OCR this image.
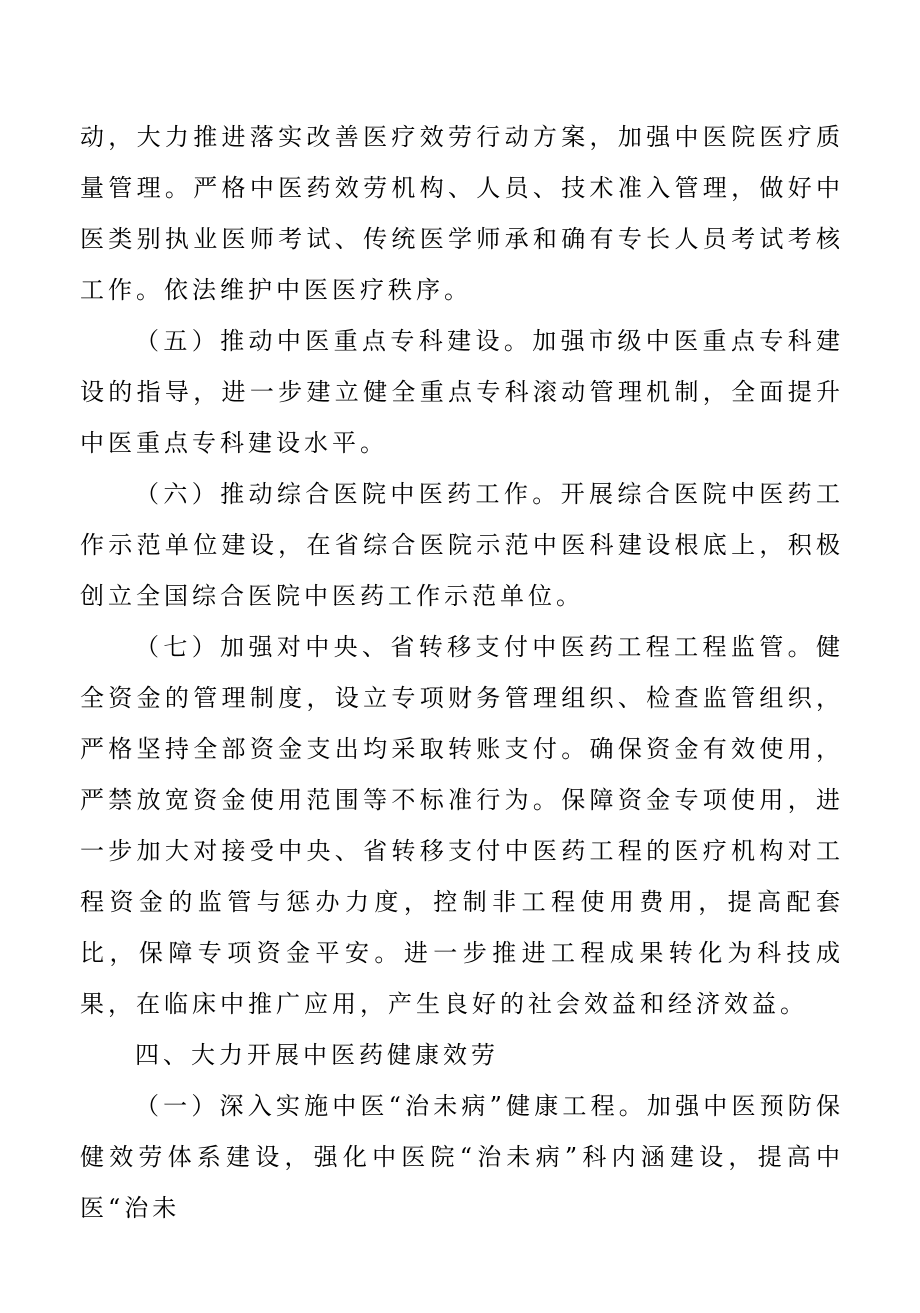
动，大力推进落实改善医疗效劳行动方案，加强中医院医疗质量管理。严格中医药效劳机构、人员、技术准入管理，做好中医类别执业医师考试、传统医学师承和确有专长人员考试考核工作。依法维护中医医疗秩序。

（五）推动中医重点专科建设。加强市级中医重点专科建设的指导，进一步建立健全重点专科滚动管理机制，全面提升中医重点专科建设水平。

（六）推动综合医院中医药工作。开展综合医院中医药工作示范单位建设，在省综合医院示范中医科建设根底上，积极创立全国综合医院中医药工作示范单位。

（七）加强对中央、省转移支付中医药工程工程监管。健全资金的管理制度，设立专项财务管理组织、检查监管组织，严格坚持全部资金支出均采取转账支付。确保资金有效使用，严禁放宽资金使用范围等不标准行为。保障资金专项使用，进一步加大对接受中央、省转移支付中医药工程的医疗机构对工程资金的监管与惩办力度，控制非工程使用费用，提高配套比，保障专项资金平安。进一步推进工程成果转化为科技成果，在临床中推广应用，产生良好的社会效益和经济效益。

四、大力开展中医药健康效劳

（一）深入实施中医“治未病”健康工程。加强中医预防保健效劳体系建设，强化中医院“治未病”科内涵建设，提高中医“治未
